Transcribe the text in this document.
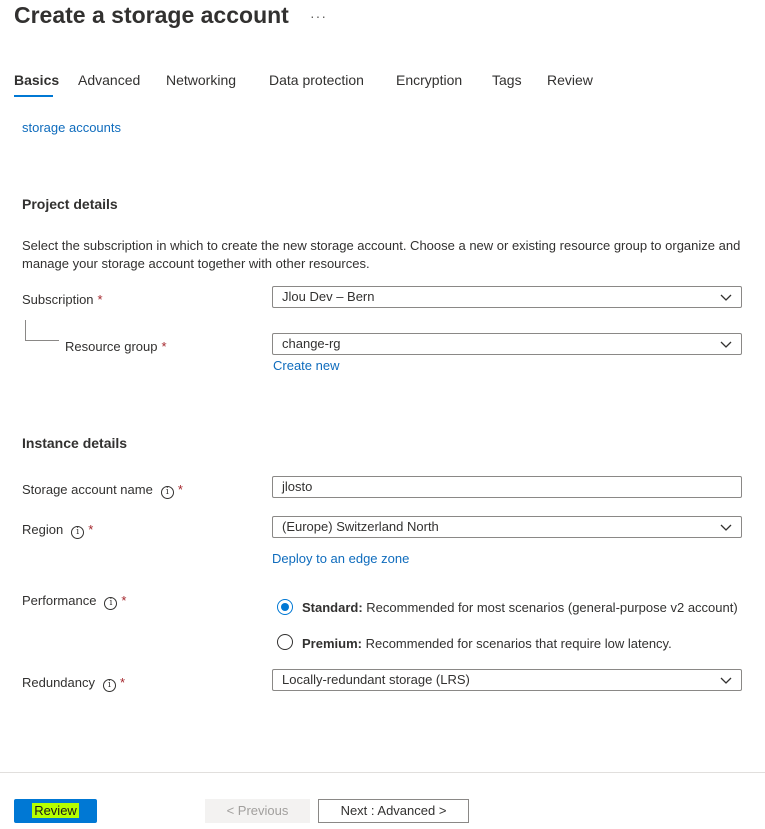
Create a storage account ···
Basics Advanced Networking Data protection Encryption Tags Review
storage accounts
Project details
Select the subscription in which to create the new storage account. Choose a new or existing resource group to organize and manage your storage account together with other resources.
Subscription *	Jlou Dev – Bern
Resource group *	change-rg
Create new
Instance details
Storage account name i *	jlosto
Region i *	(Europe) Switzerland North
Deploy to an edge zone
Performance i *	Standard: Recommended for most scenarios (general-purpose v2 account)
Premium: Recommended for scenarios that require low latency.
Redundancy i *	Locally-redundant storage (LRS)
Review	< Previous	Next : Advanced >
